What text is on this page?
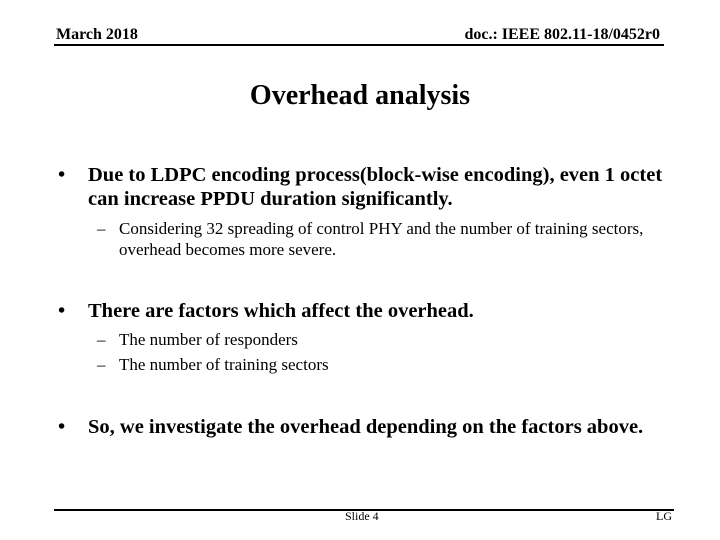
March 2018	doc.: IEEE 802.11-18/0452r0
Overhead analysis
• Due to LDPC encoding process(block-wise encoding), even 1 octet can increase PPDU duration significantly.
– Considering 32 spreading of control PHY and the number of training sectors, overhead becomes more severe.
• There are factors which affect the overhead.
– The number of responders
– The number of training sectors
• So, we investigate the overhead depending on the factors above.
Slide 4	LG
